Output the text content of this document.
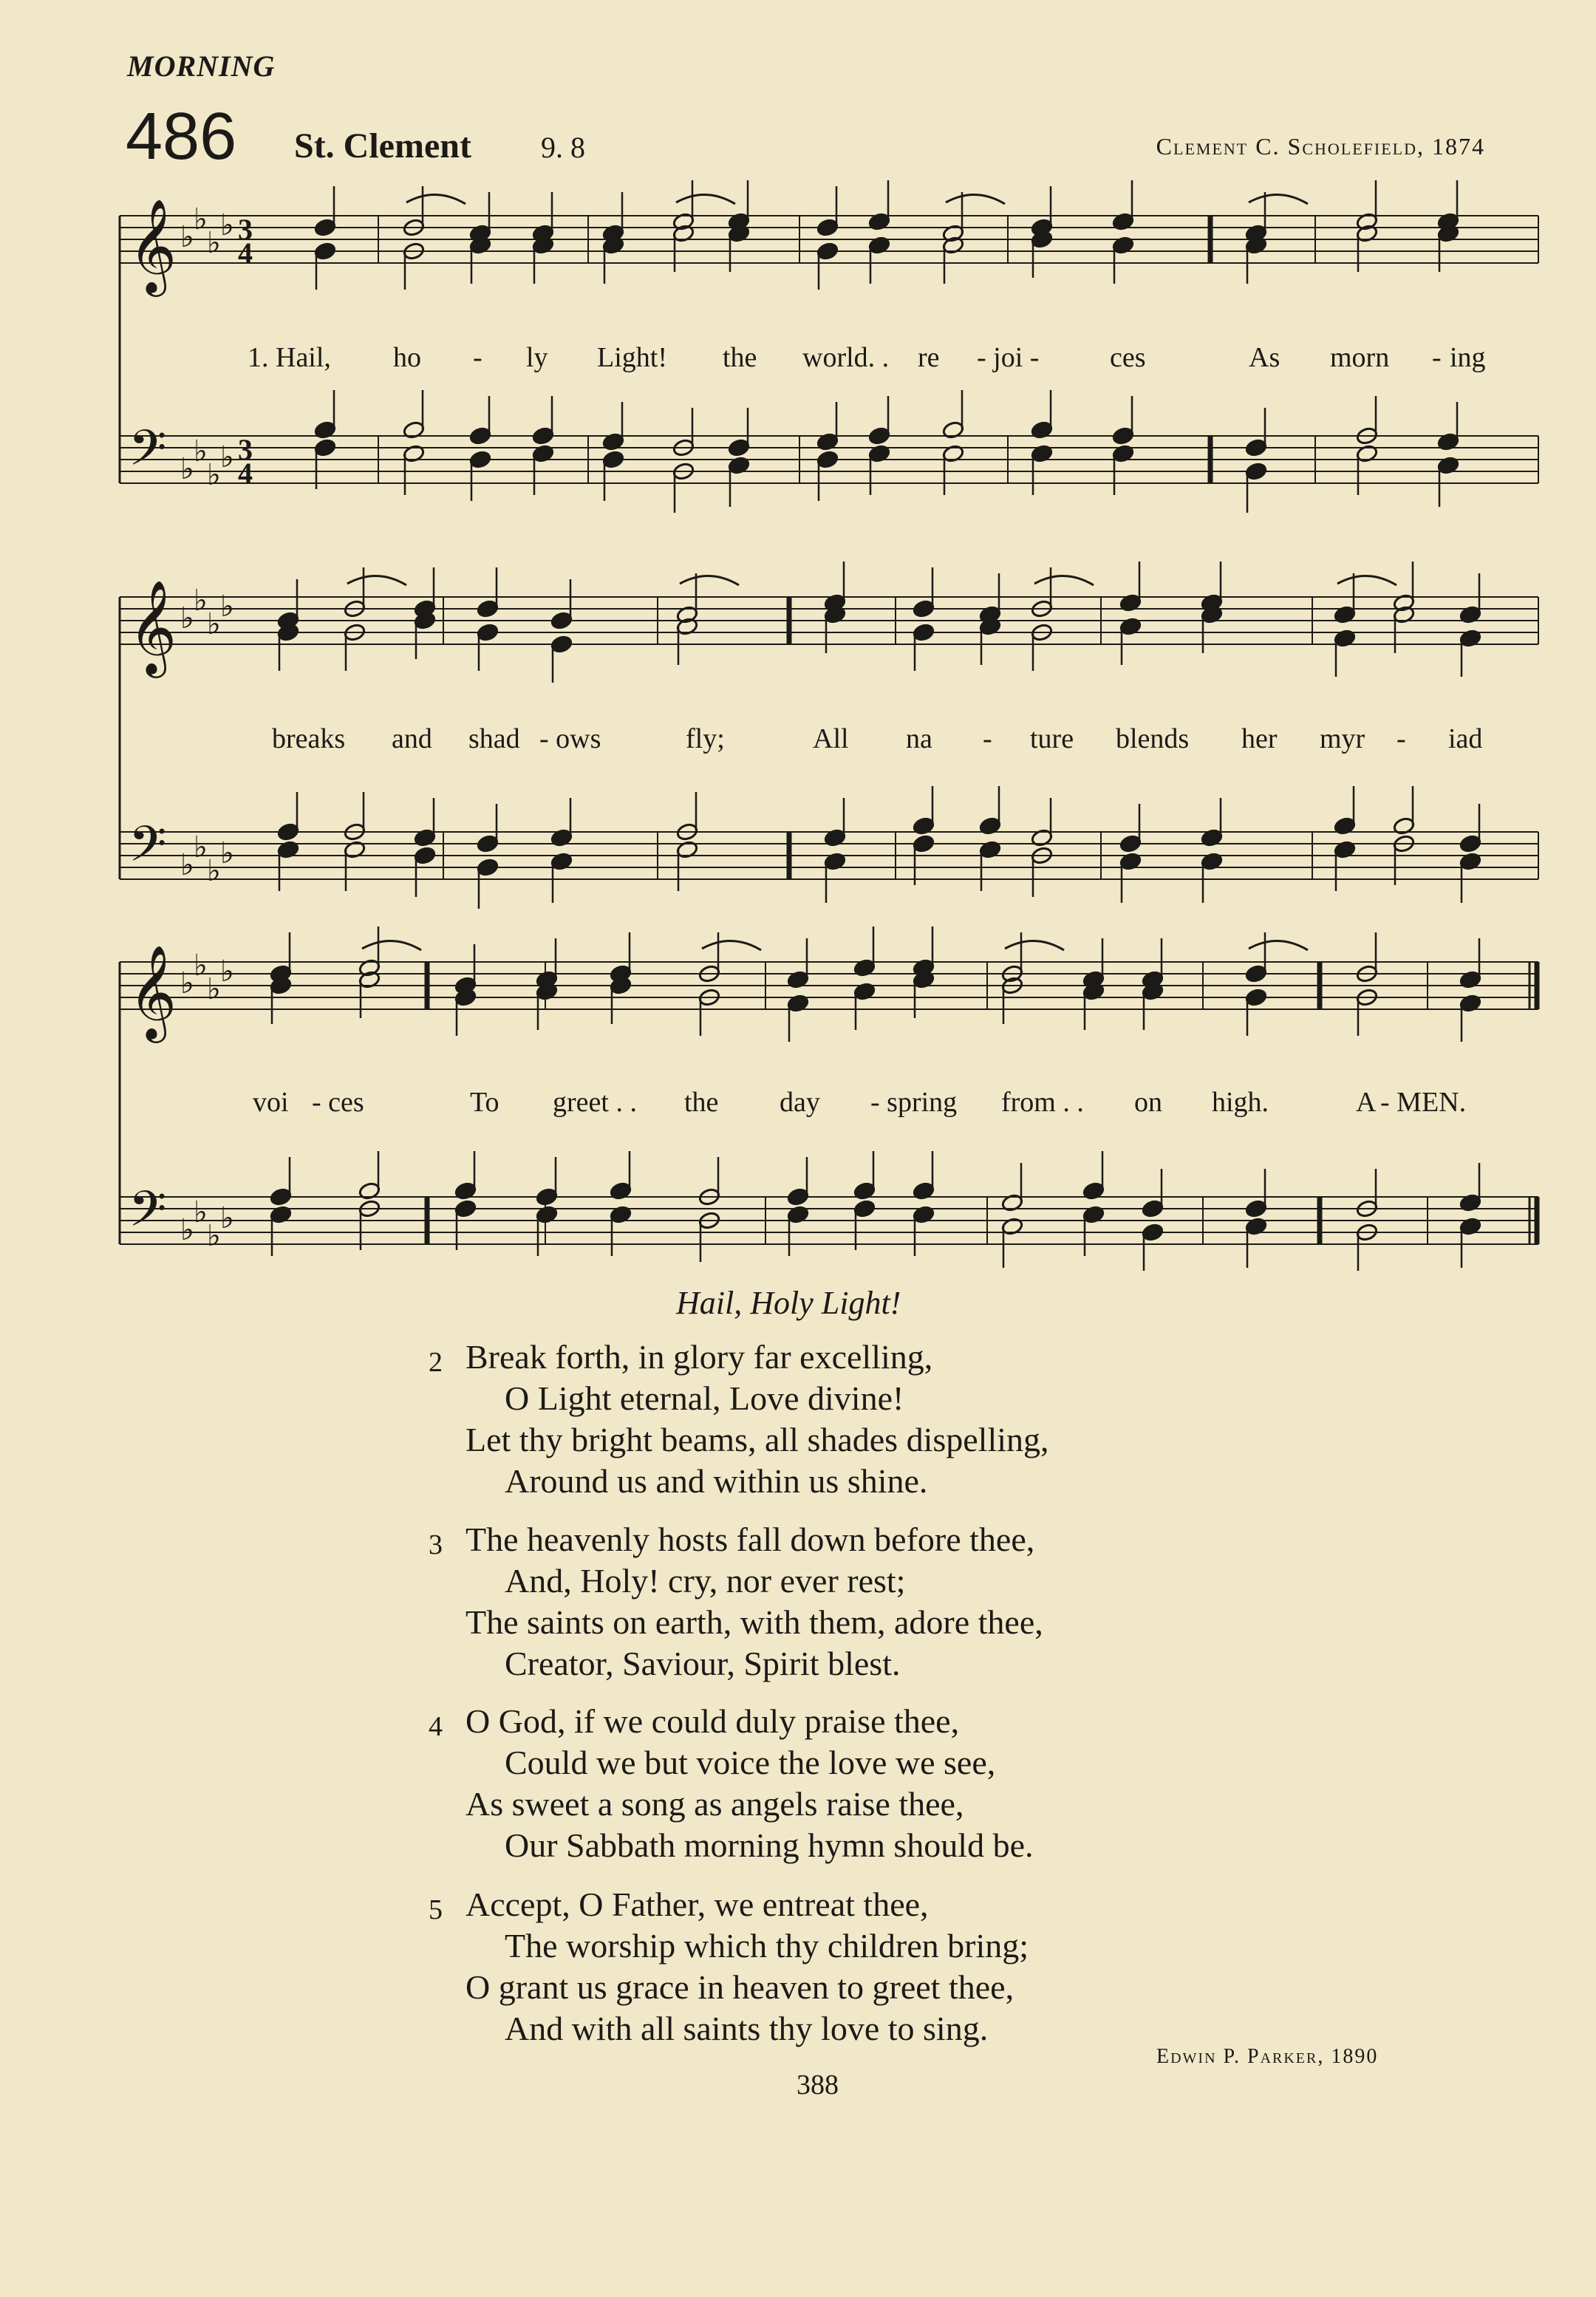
MORNING
486 St. Clement 9. 8	Clement C. Scholefield, 1874
𝄞 ♭
♭
♭
♭ 3
4
𝄢 ♭
♭
♭
♭ 3
4
𝄞 ♭
♭
♭
♭
𝄢 ♭
♭
♭
♭
𝄞 ♭
♭
♭
♭
𝄢 ♭
♭
♭
♭
1. Hail, ho - ly Light! the world. . re - joi -	ces	As morn - ing
breaks and shad - ows	fly;	All na - ture blends her myr - iad
voi - ces	To greet . . the day - spring from . . on high.	A - MEN.
Hail, Holy Light!
2 Break forth, in glory far excelling,
O Light eternal, Love divine!
Let thy bright beams, all shades dispelling,
Around us and within us shine.
3 The heavenly hosts fall down before thee,
And, Holy! cry, nor ever rest;
The saints on earth, with them, adore thee,
Creator, Saviour, Spirit blest.
4 O God, if we could duly praise thee,
Could we but voice the love we see,
As sweet a song as angels raise thee,
Our Sabbath morning hymn should be.
5 Accept, O Father, we entreat thee,
The worship which thy children bring;
O grant us grace in heaven to greet thee,
And with all saints thy love to sing.
Edwin P. Parker, 1890
388
